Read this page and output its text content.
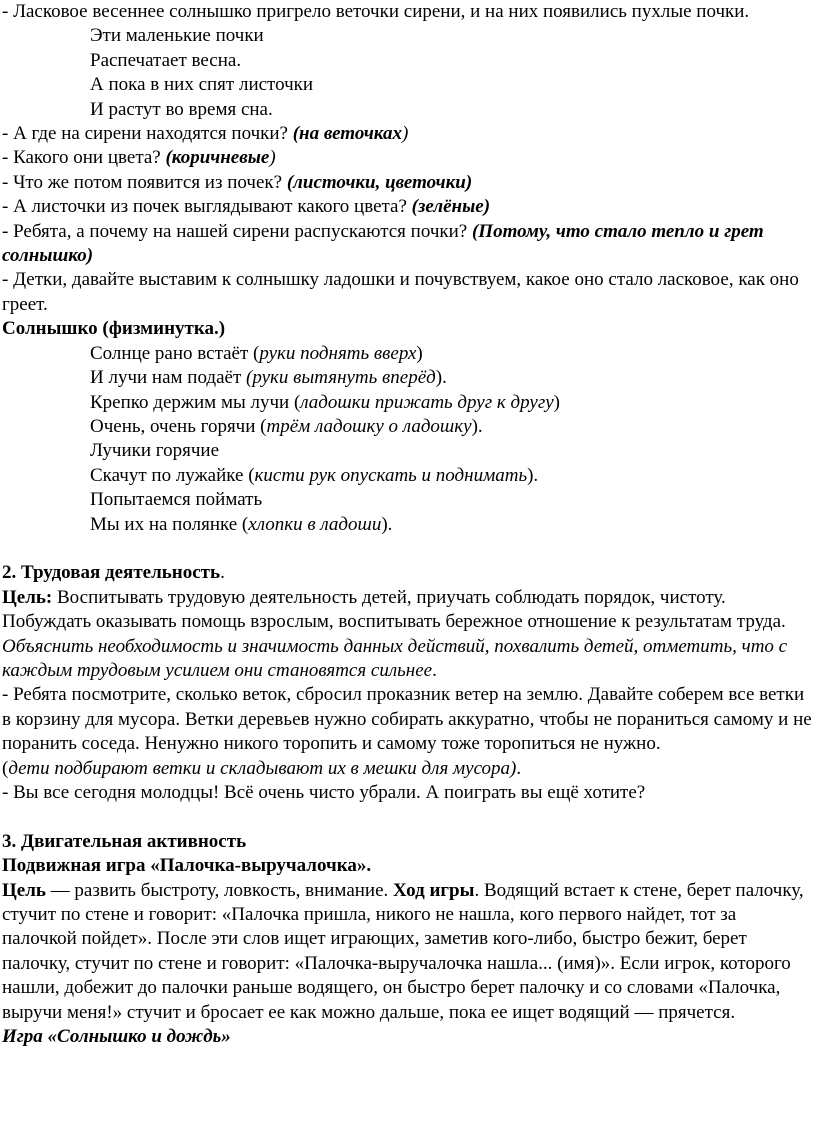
- Ласковое весеннее солнышко пригрело веточки сирени, и на них появились пухлые почки.

Эти маленькие почки

Распечатает весна.

А пока в них спят листочки

И растут во время сна.

- А где на сирени находятся почки? (на веточках)

- Какого они цвета? (коричневые)

- Что же потом появится из почек? (листочки, цветочки)

- А листочки из почек выглядывают какого цвета? (зелёные)

- Ребята, а почему на нашей сирени распускаются почки? (Потому, что стало тепло и грет солнышко)

- Детки, давайте выставим к солнышку ладошки и почувствуем, какое оно стало ласковое, как оно греет.

Солнышко (физминутка.)

Солнце рано встаёт (руки поднять вверх)

И лучи нам подаёт (руки вытянуть вперёд).

Крепко держим мы лучи (ладошки прижать друг к другу)

Очень, очень горячи (трём ладошку о ладошку).

Лучики горячие

Скачут по лужайке (кисти рук опускать и поднимать).

Попытаемся поймать

Мы их на полянке (хлопки в ладоши).

2. Трудовая деятельность.

Цель: Воспитывать трудовую деятельность детей, приучать соблюдать порядок, чистоту. Побуждать оказывать помощь взрослым, воспитывать бережное отношение к результатам труда.

Объяснить необходимость и значимость данных действий, похвалить детей, отметить, что с каждым трудовым усилием они становятся сильнее.

- Ребята посмотрите, сколько веток, сбросил проказник ветер на землю. Давайте соберем все ветки в корзину для мусора. Ветки деревьев нужно собирать аккуратно, чтобы не пораниться самому и не поранить соседа. Ненужно никого торопить и самому тоже торопиться не нужно.

(дети подбирают ветки и складывают их в мешки для мусора).

- Вы все сегодня молодцы! Всё очень чисто убрали. А поиграть вы ещё хотите?

3. Двигательная активность

Подвижная игра «Палочка-выручалочка».

Цель — развить быстроту, ловкость, внимание. Ход игры. Водящий встает к стене, берет палочку, стучит по стене и говорит: «Палочка пришла, никого не нашла, кого первого найдет, тот за палочкой пойдет». После эти слов ищет играющих, заметив кого-либо, быстро бежит, берет палочку, стучит по стене и говорит: «Палочка-выручалочка нашла... (имя)». Если игрок, которого нашли, добежит до палочки раньше водящего, он быстро берет палочку и со словами «Палочка, выручи меня!» стучит и бросает ее как можно дальше, пока ее ищет водящий — прячется.

Игра «Солнышко и дождь»
